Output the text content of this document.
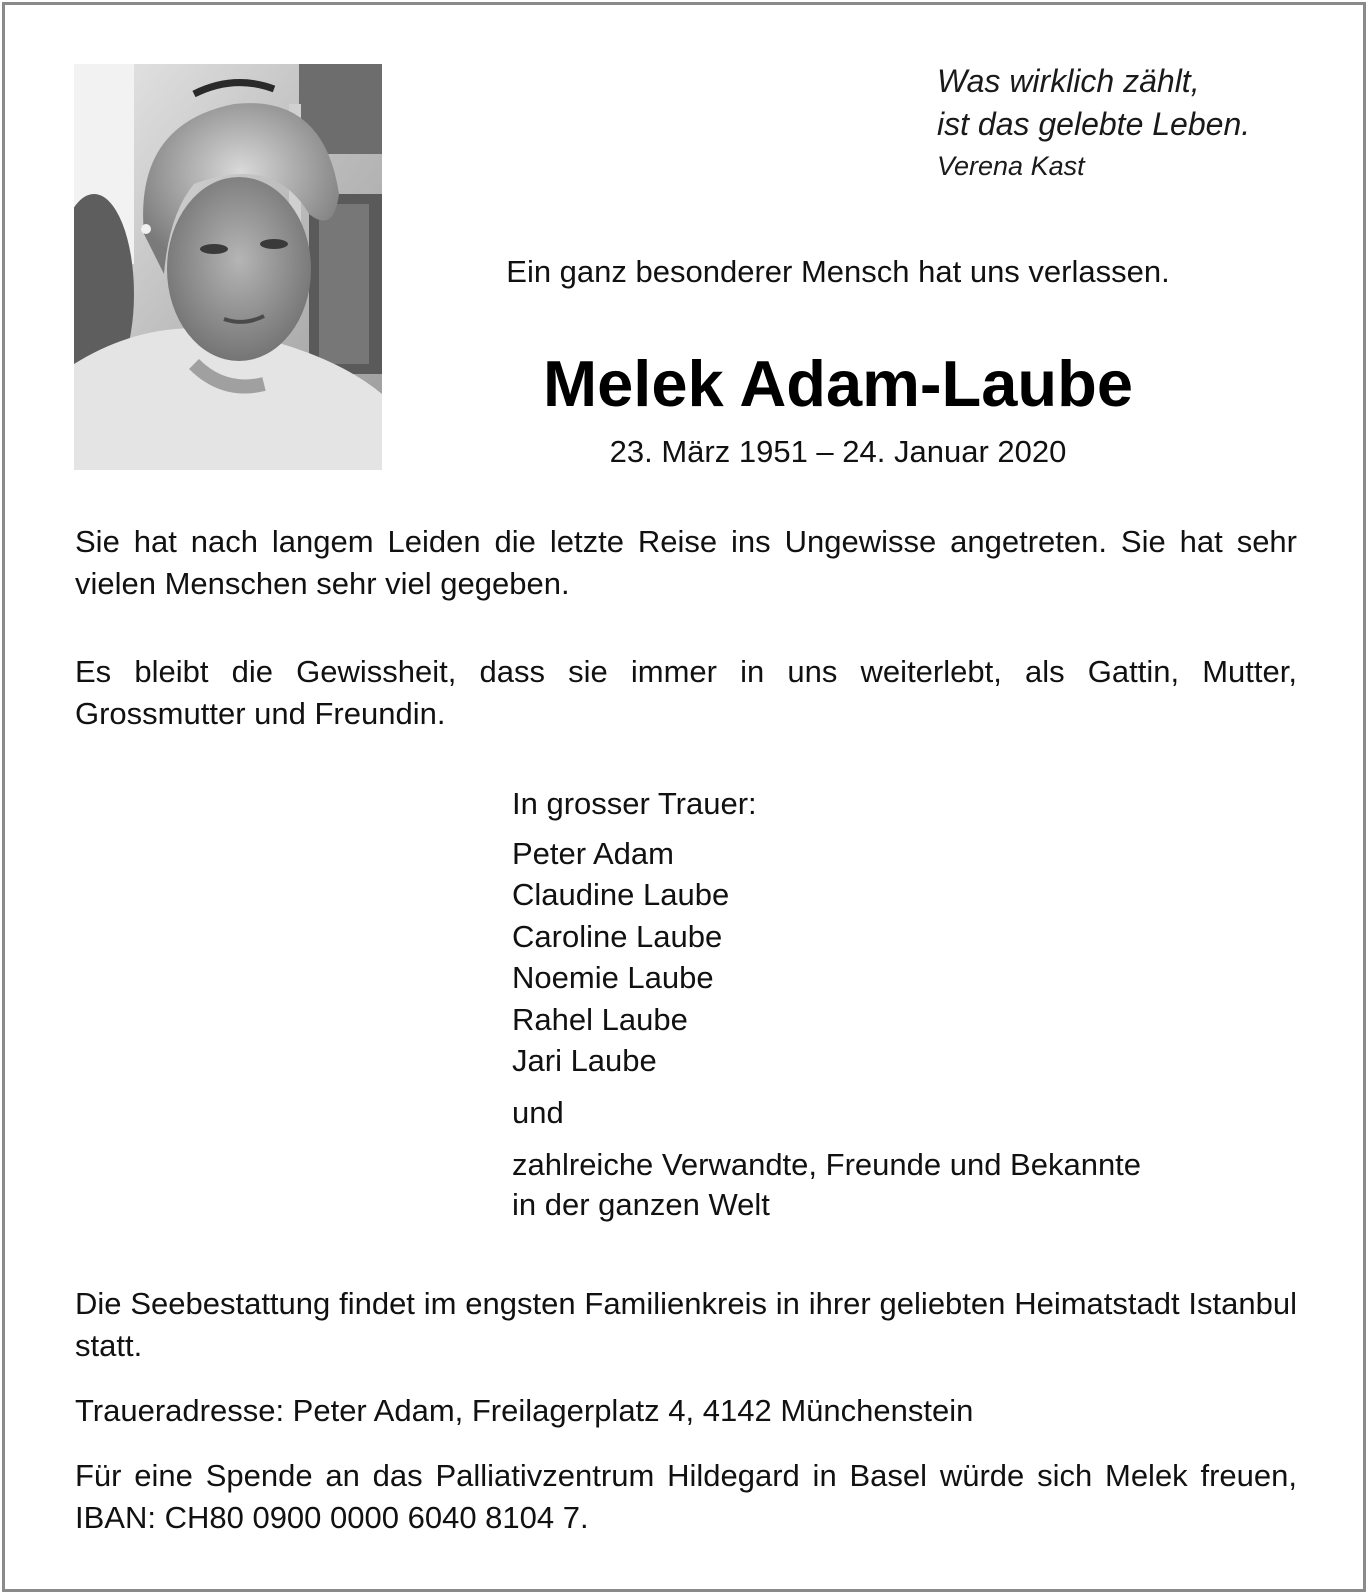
Was wirklich zählt,
ist das gelebte Leben.
Verena Kast
Ein ganz besonderer Mensch hat uns verlassen.
Melek Adam-Laube
23. März 1951 – 24. Januar 2020
Sie hat nach langem Leiden die letzte Reise ins Ungewisse angetreten. Sie hat sehr vielen Menschen sehr viel gegeben.
Es bleibt die Gewissheit, dass sie immer in uns weiterlebt, als Gattin, Mutter, Grossmutter und Freundin.
In grosser Trauer:
Peter Adam
Claudine Laube
Caroline Laube
Noemie Laube
Rahel Laube
Jari Laube
und
zahlreiche Verwandte, Freunde und Bekannte
in der ganzen Welt
Die Seebestattung findet im engsten Familienkreis in ihrer geliebten Heimatstadt Istanbul statt.
Traueradresse: Peter Adam, Freilagerplatz 4, 4142 Münchenstein
Für eine Spende an das Palliativzentrum Hildegard in Basel würde sich Melek freuen, IBAN: CH80 0900 0000 6040 8104 7.
